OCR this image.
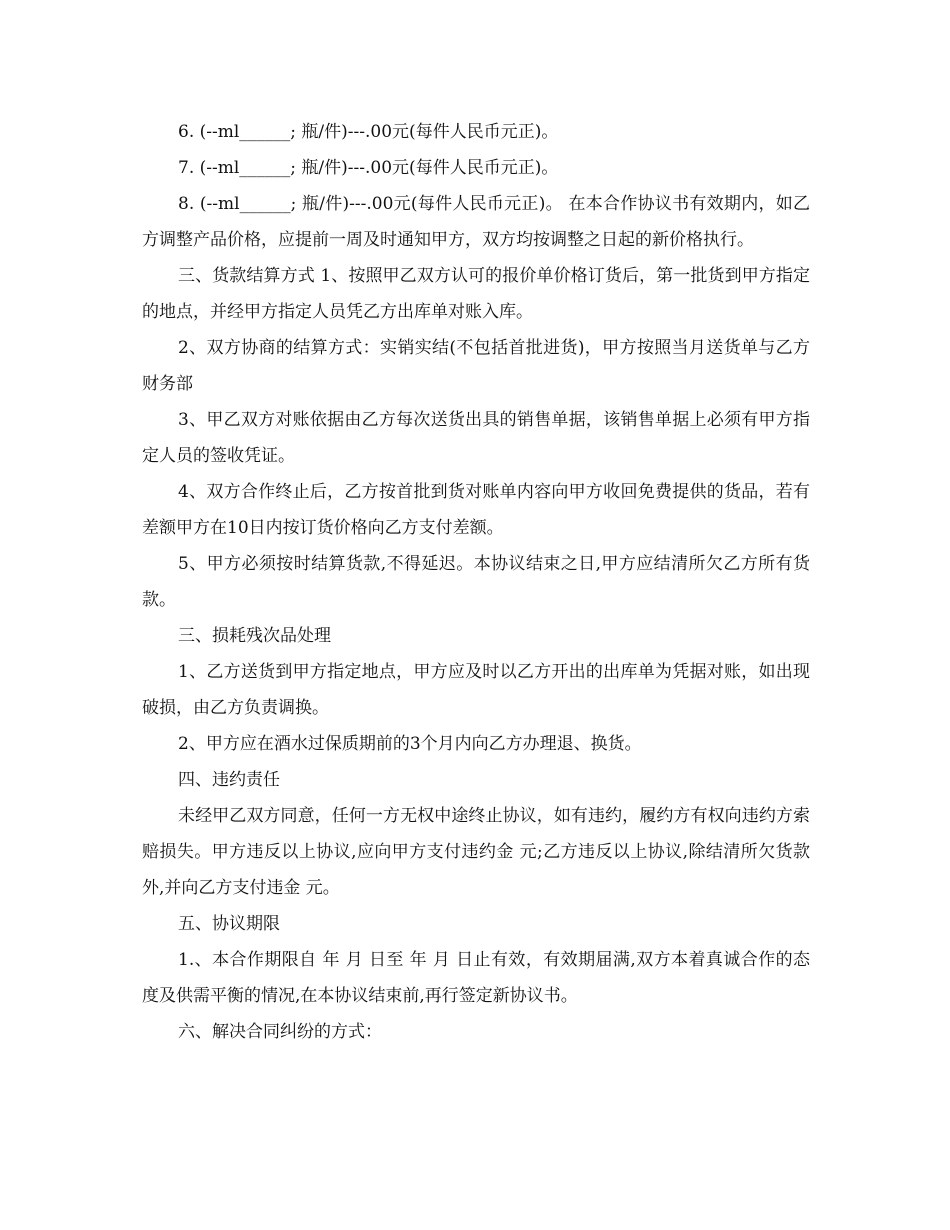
6. (--ml______; 瓶/件)---.00元(每件人民币元正)。

7. (--ml______; 瓶/件)---.00元(每件人民币元正)。

8. (--ml______; 瓶/件)---.00元(每件人民币元正)。 在本合作协议书有效期内，如乙方调整产品价格，应提前一周及时通知甲方，双方均按调整之日起的新价格执行。

三、货款结算方式 1、按照甲乙双方认可的报价单价格订货后，第一批货到甲方指定的地点，并经甲方指定人员凭乙方出库单对账入库。

2、双方协商的结算方式：实销实结(不包括首批进货)，甲方按照当月送货单与乙方财务部

3、甲乙双方对账依据由乙方每次送货出具的销售单据，该销售单据上必须有甲方指定人员的签收凭证。

4、双方合作终止后，乙方按首批到货对账单内容向甲方收回免费提供的货品，若有差额甲方在10日内按订货价格向乙方支付差额。

5、甲方必须按时结算货款,不得延迟。本协议结束之日,甲方应结清所欠乙方所有货款。

三、损耗残次品处理

1、乙方送货到甲方指定地点，甲方应及时以乙方开出的出库单为凭据对账，如出现破损，由乙方负责调换。

2、甲方应在酒水过保质期前的3个月内向乙方办理退、换货。

四、违约责任

未经甲乙双方同意，任何一方无权中途终止协议，如有违约，履约方有权向违约方索赔损失。甲方违反以上协议,应向甲方支付违约金 元;乙方违反以上协议,除结清所欠货款外,并向乙方支付违金 元。

五、协议期限

1.、本合作期限自 年 月 日至 年 月 日止有效，有效期届满,双方本着真诚合作的态度及供需平衡的情况,在本协议结束前,再行签定新协议书。

六、解决合同纠纷的方式：
